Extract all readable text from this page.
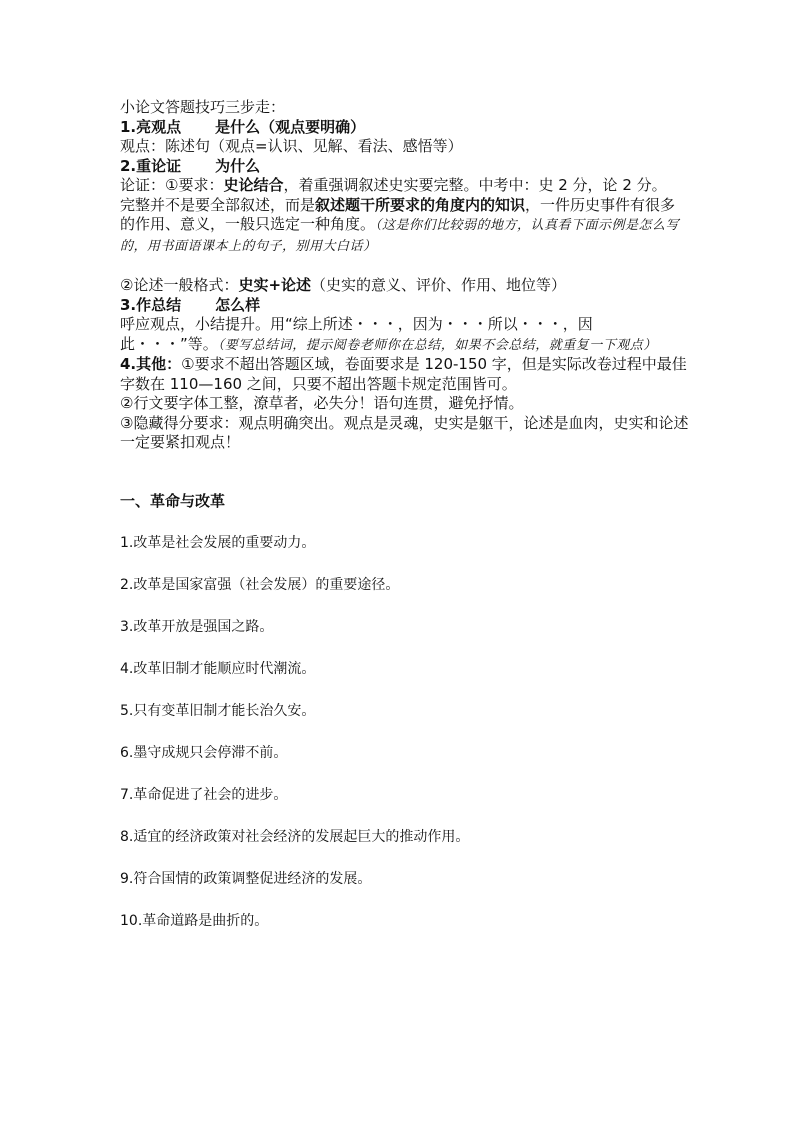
小论文答题技巧三步走：

1.亮观点 是什么（观点要明确）

观点：陈述句（观点=认识、见解、看法、感悟等）

2.重论证 为什么

论证：①要求：史论结合，着重强调叙述史实要完整。中考中：史 2 分，论 2 分。

完整并不是要全部叙述，而是叙述题干所要求的角度内的知识，一件历史事件有很多的作用、意义，一般只选定一种角度。（这是你们比较弱的地方，认真看下面示例是怎么写的，用书面语课本上的句子，别用大白话）

②论述一般格式：史实+论述（史实的意义、评价、作用、地位等）

3.作总结 怎么样

呼应观点，小结提升。用“综上所述・・・，因为・・・所以・・・，因此・・・”等。（要写总结词，提示阅卷老师你在总结，如果不会总结，就重复一下观点）

4.其他：①要求不超出答题区域，卷面要求是 120-150 字，但是实际改卷过程中最佳字数在 110—160 之间，只要不超出答题卡规定范围皆可。

②行文要字体工整，潦草者，必失分！语句连贯，避免抒情。

③隐藏得分要求：观点明确突出。观点是灵魂，史实是躯干，论述是血肉，史实和论述一定要紧扣观点！

一、革命与改革

1.改革是社会发展的重要动力。
2.改革是国家富强（社会发展）的重要途径。
3.改革开放是强国之路。
4.改革旧制才能顺应时代潮流。
5.只有变革旧制才能长治久安。
6.墨守成规只会停滞不前。
7.革命促进了社会的进步。
8.适宜的经济政策对社会经济的发展起巨大的推动作用。
9.符合国情的政策调整促进经济的发展。
10.革命道路是曲折的。
